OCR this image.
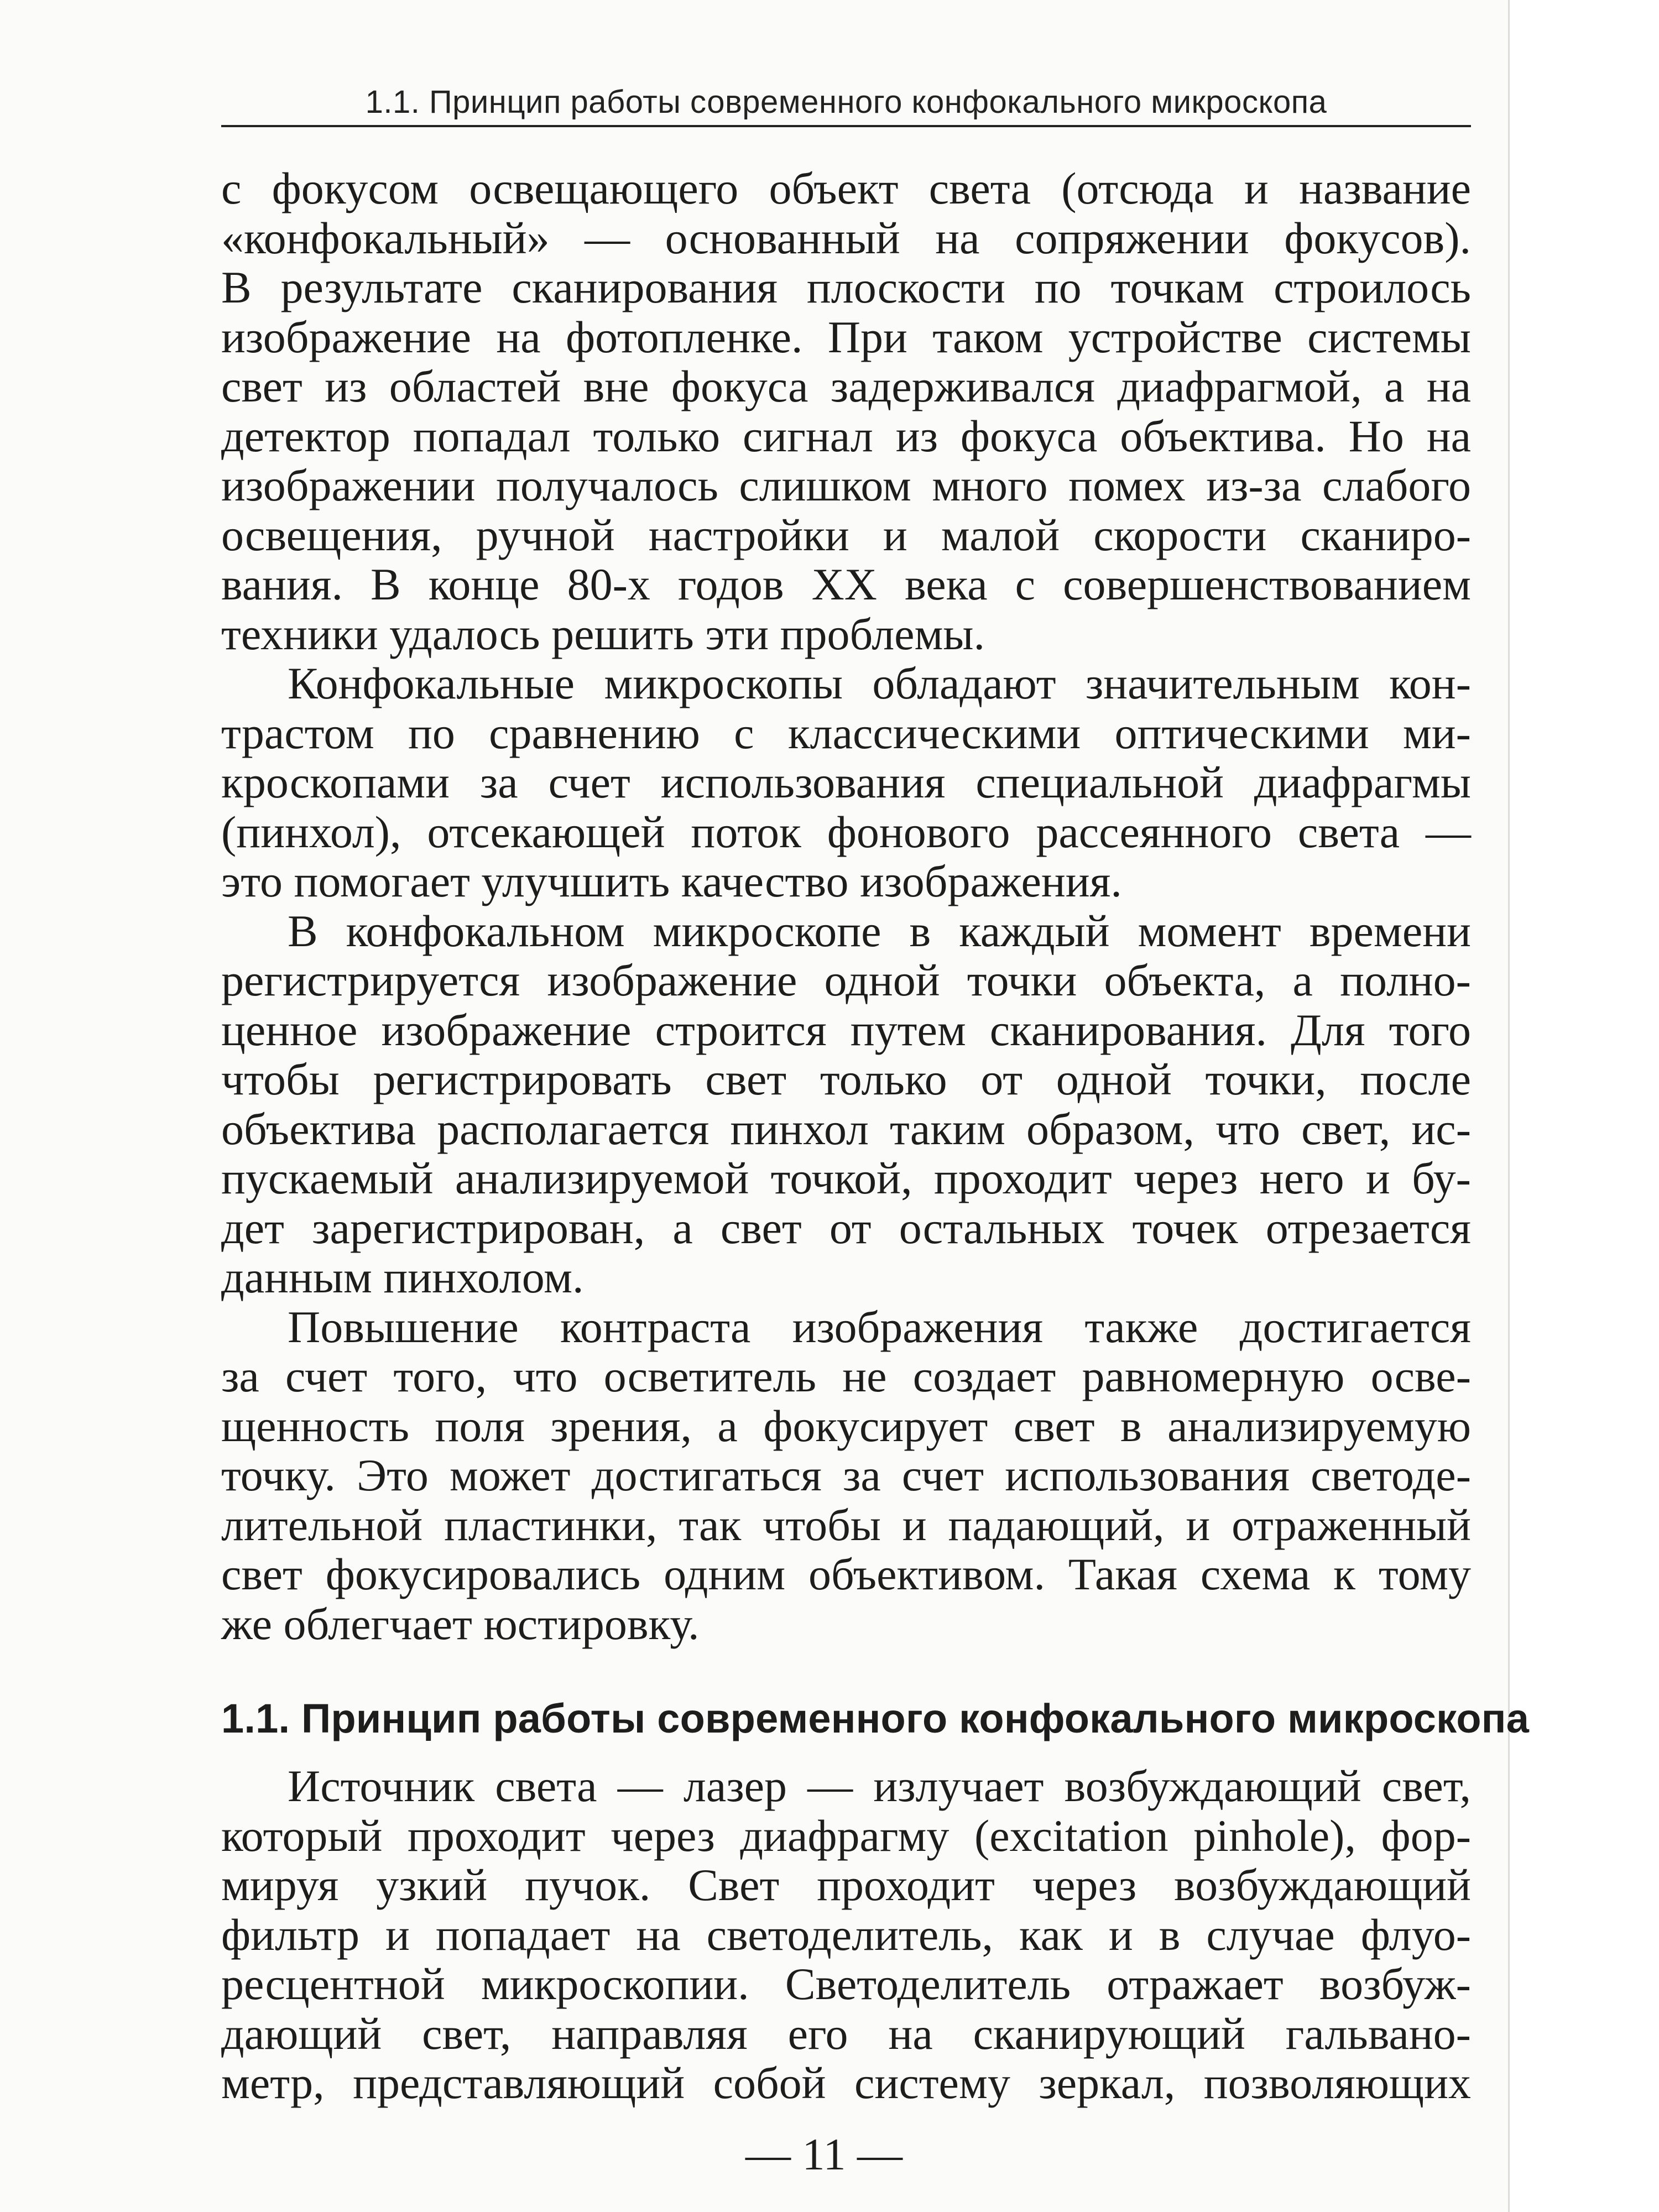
1.1. Принцип работы современного конфокального микроскопа

с фокусом освещающего объект света (отсюда и название

«конфокальный» — основанный на сопряжении фокусов).

В результате сканирования плоскости по точкам строилось

изображение на фотопленке. При таком устройстве системы

свет из областей вне фокуса задерживался диафрагмой, а на

детектор попадал только сигнал из фокуса объектива. Но на

изображении получалось слишком много помех из-за слабого

освещения, ручной настройки и малой скорости сканиро-

вания. В конце 80-х годов XX века с совершенствованием

техники удалось решить эти проблемы.

Конфокальные микроскопы обладают значительным кон-

трастом по сравнению с классическими оптическими ми-

кроскопами за счет использования специальной диафрагмы

(пинхол), отсекающей поток фонового рассеянного света —

это помогает улучшить качество изображения.

В конфокальном микроскопе в каждый момент времени

регистрируется изображение одной точки объекта, а полно-

ценное изображение строится путем сканирования. Для того

чтобы регистрировать свет только от одной точки, после

объектива располагается пинхол таким образом, что свет, ис-

пускаемый анализируемой точкой, проходит через него и бу-

дет зарегистрирован, а свет от остальных точек отрезается

данным пинхолом.

Повышение контраста изображения также достигается

за счет того, что осветитель не создает равномерную осве-

щенность поля зрения, а фокусирует свет в анализируемую

точку. Это может достигаться за счет использования светоде-

лительной пластинки, так чтобы и падающий, и отраженный

свет фокусировались одним объективом. Такая схема к тому

же облегчает юстировку.

1.1. Принцип работы современного конфокального микроскопа

Источник света — лазер — излучает возбуждающий свет,

который проходит через диафрагму (excitation pinhole), фор-

мируя узкий пучок. Свет проходит через возбуждающий

фильтр и попадает на светоделитель, как и в случае флуо-

ресцентной микроскопии. Светоделитель отражает возбуж-

дающий свет, направляя его на сканирующий гальвано-

метр, представляющий собой систему зеркал, позволяющих

— 11 —
